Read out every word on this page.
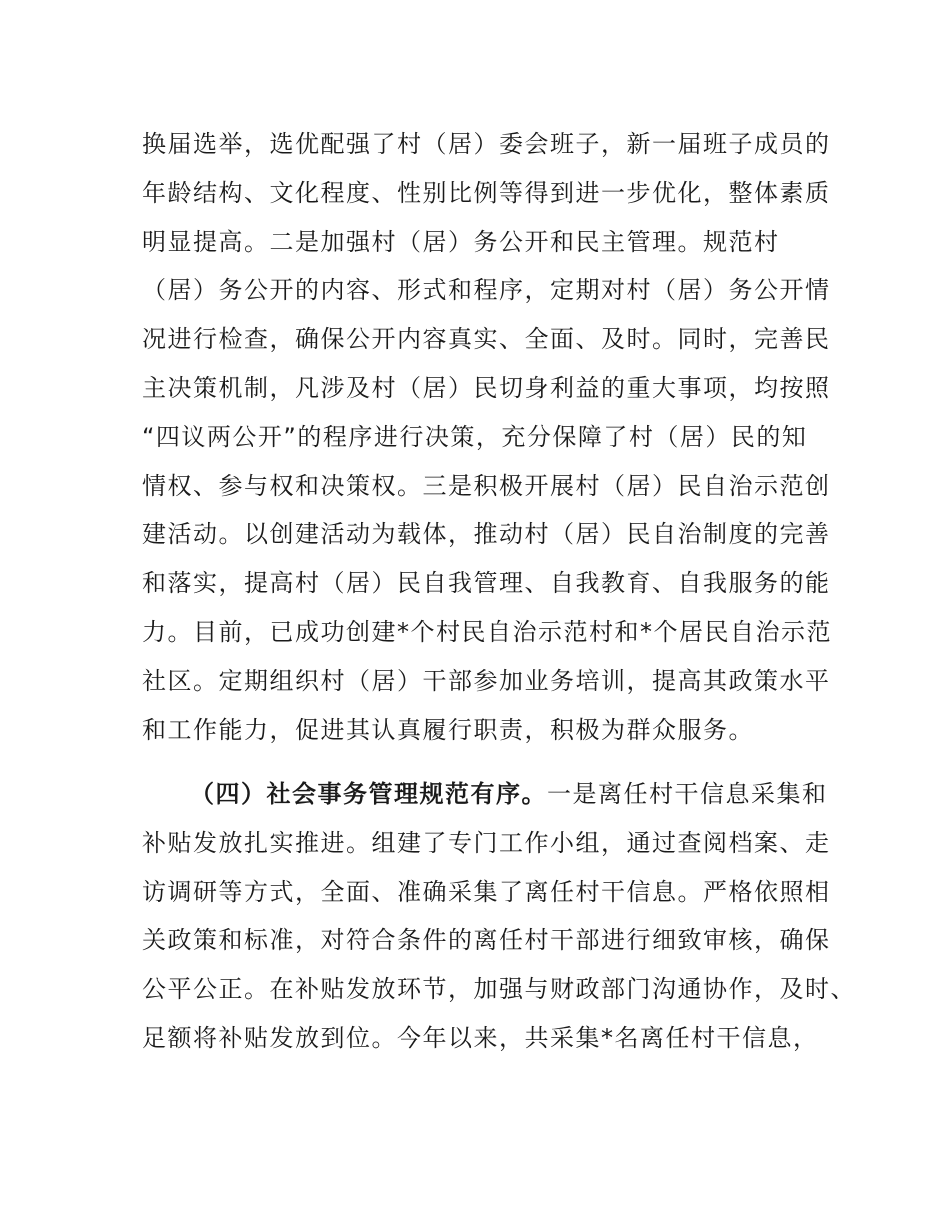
换届选举，选优配强了村（居）委会班子，新一届班子成员的
年龄结构、文化程度、性别比例等得到进一步优化，整体素质
明显提高。二是加强村（居）务公开和民主管理。规范村
（居）务公开的内容、形式和程序，定期对村（居）务公开情
况进行检查，确保公开内容真实、全面、及时。同时，完善民
主决策机制，凡涉及村（居）民切身利益的重大事项，均按照
“四议两公开”的程序进行决策，充分保障了村（居）民的知
情权、参与权和决策权。三是积极开展村（居）民自治示范创
建活动。以创建活动为载体，推动村（居）民自治制度的完善
和落实，提高村（居）民自我管理、自我教育、自我服务的能
力。目前，已成功创建*个村民自治示范村和*个居民自治示范
社区。定期组织村（居）干部参加业务培训，提高其政策水平
和工作能力，促进其认真履行职责，积极为群众服务。
（四）社会事务管理规范有序。一是离任村干信息采集和
补贴发放扎实推进。组建了专门工作小组，通过查阅档案、走
访调研等方式，全面、准确采集了离任村干信息。严格依照相
关政策和标准，对符合条件的离任村干部进行细致审核，确保
公平公正。在补贴发放环节，加强与财政部门沟通协作，及时、
足额将补贴发放到位。今年以来，共采集*名离任村干信息，
